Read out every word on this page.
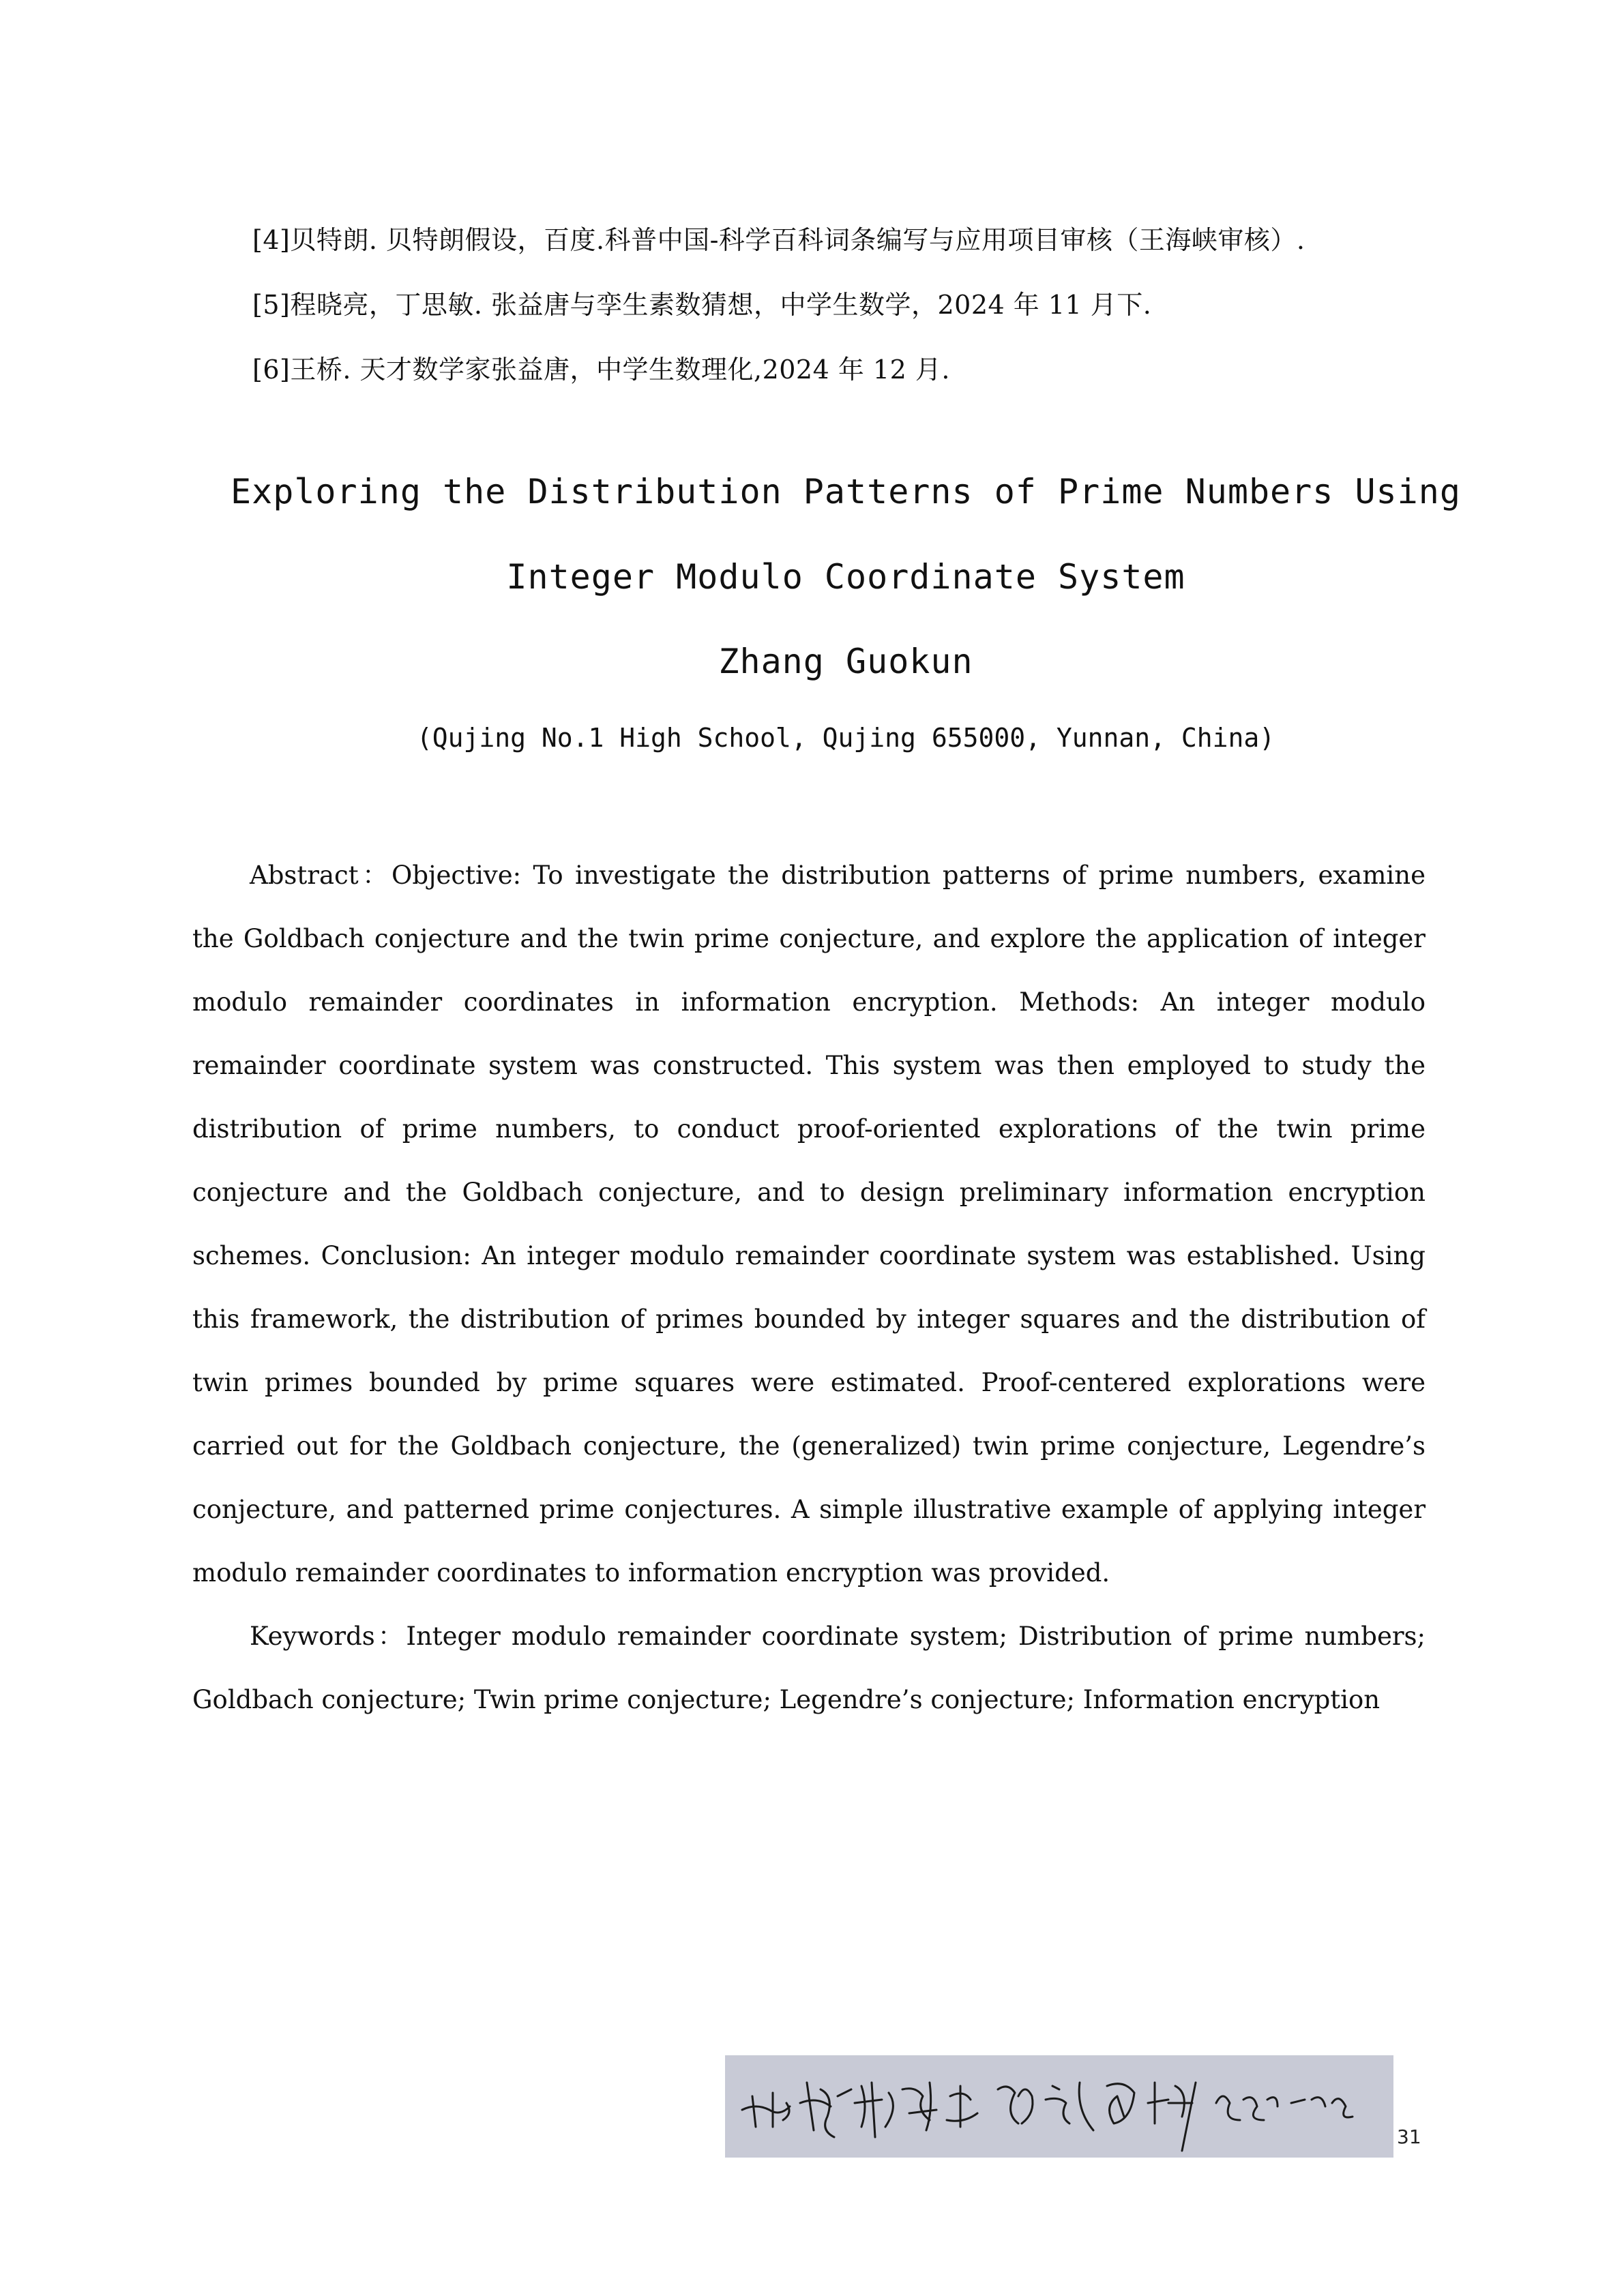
[4]贝特朗. 贝特朗假设，百度.科普中国-科学百科词条编写与应用项目审核（王海峡审核）.
[5]程晓亮，丁思敏. 张益唐与孪生素数猜想，中学生数学，2024 年 11 月下.
[6]王桥. 天才数学家张益唐，中学生数理化,2024 年 12 月.
Exploring the Distribution Patterns of Prime Numbers Using
Integer Modulo Coordinate System
Zhang Guokun
(Qujing No.1 High School, Qujing 655000, Yunnan, China)

Abstract：Objective: To investigate the distribution patterns of prime numbers, examine the Goldbach conjecture and the twin prime conjecture, and explore the application of integer modulo remainder coordinates in information encryption. Methods: An integer modulo remainder coordinate system was constructed. This system was then employed to study the distribution of prime numbers, to conduct proof-oriented explorations of the twin prime conjecture and the Goldbach conjecture, and to design preliminary information encryption schemes. Conclusion: An integer modulo remainder coordinate system was established. Using this framework, the distribution of primes bounded by integer squares and the distribution of twin primes bounded by prime squares were estimated. Proof-centered explorations were carried out for the Goldbach conjecture, the (generalized) twin prime conjecture, Legendre’s conjecture, and patterned prime conjectures. A simple illustrative example of applying integer modulo remainder coordinates to information encryption was provided.

Keywords：Integer modulo remainder coordinate system; Distribution of prime numbers; Goldbach conjecture; Twin prime conjecture; Legendre’s conjecture; Information encryption

31
